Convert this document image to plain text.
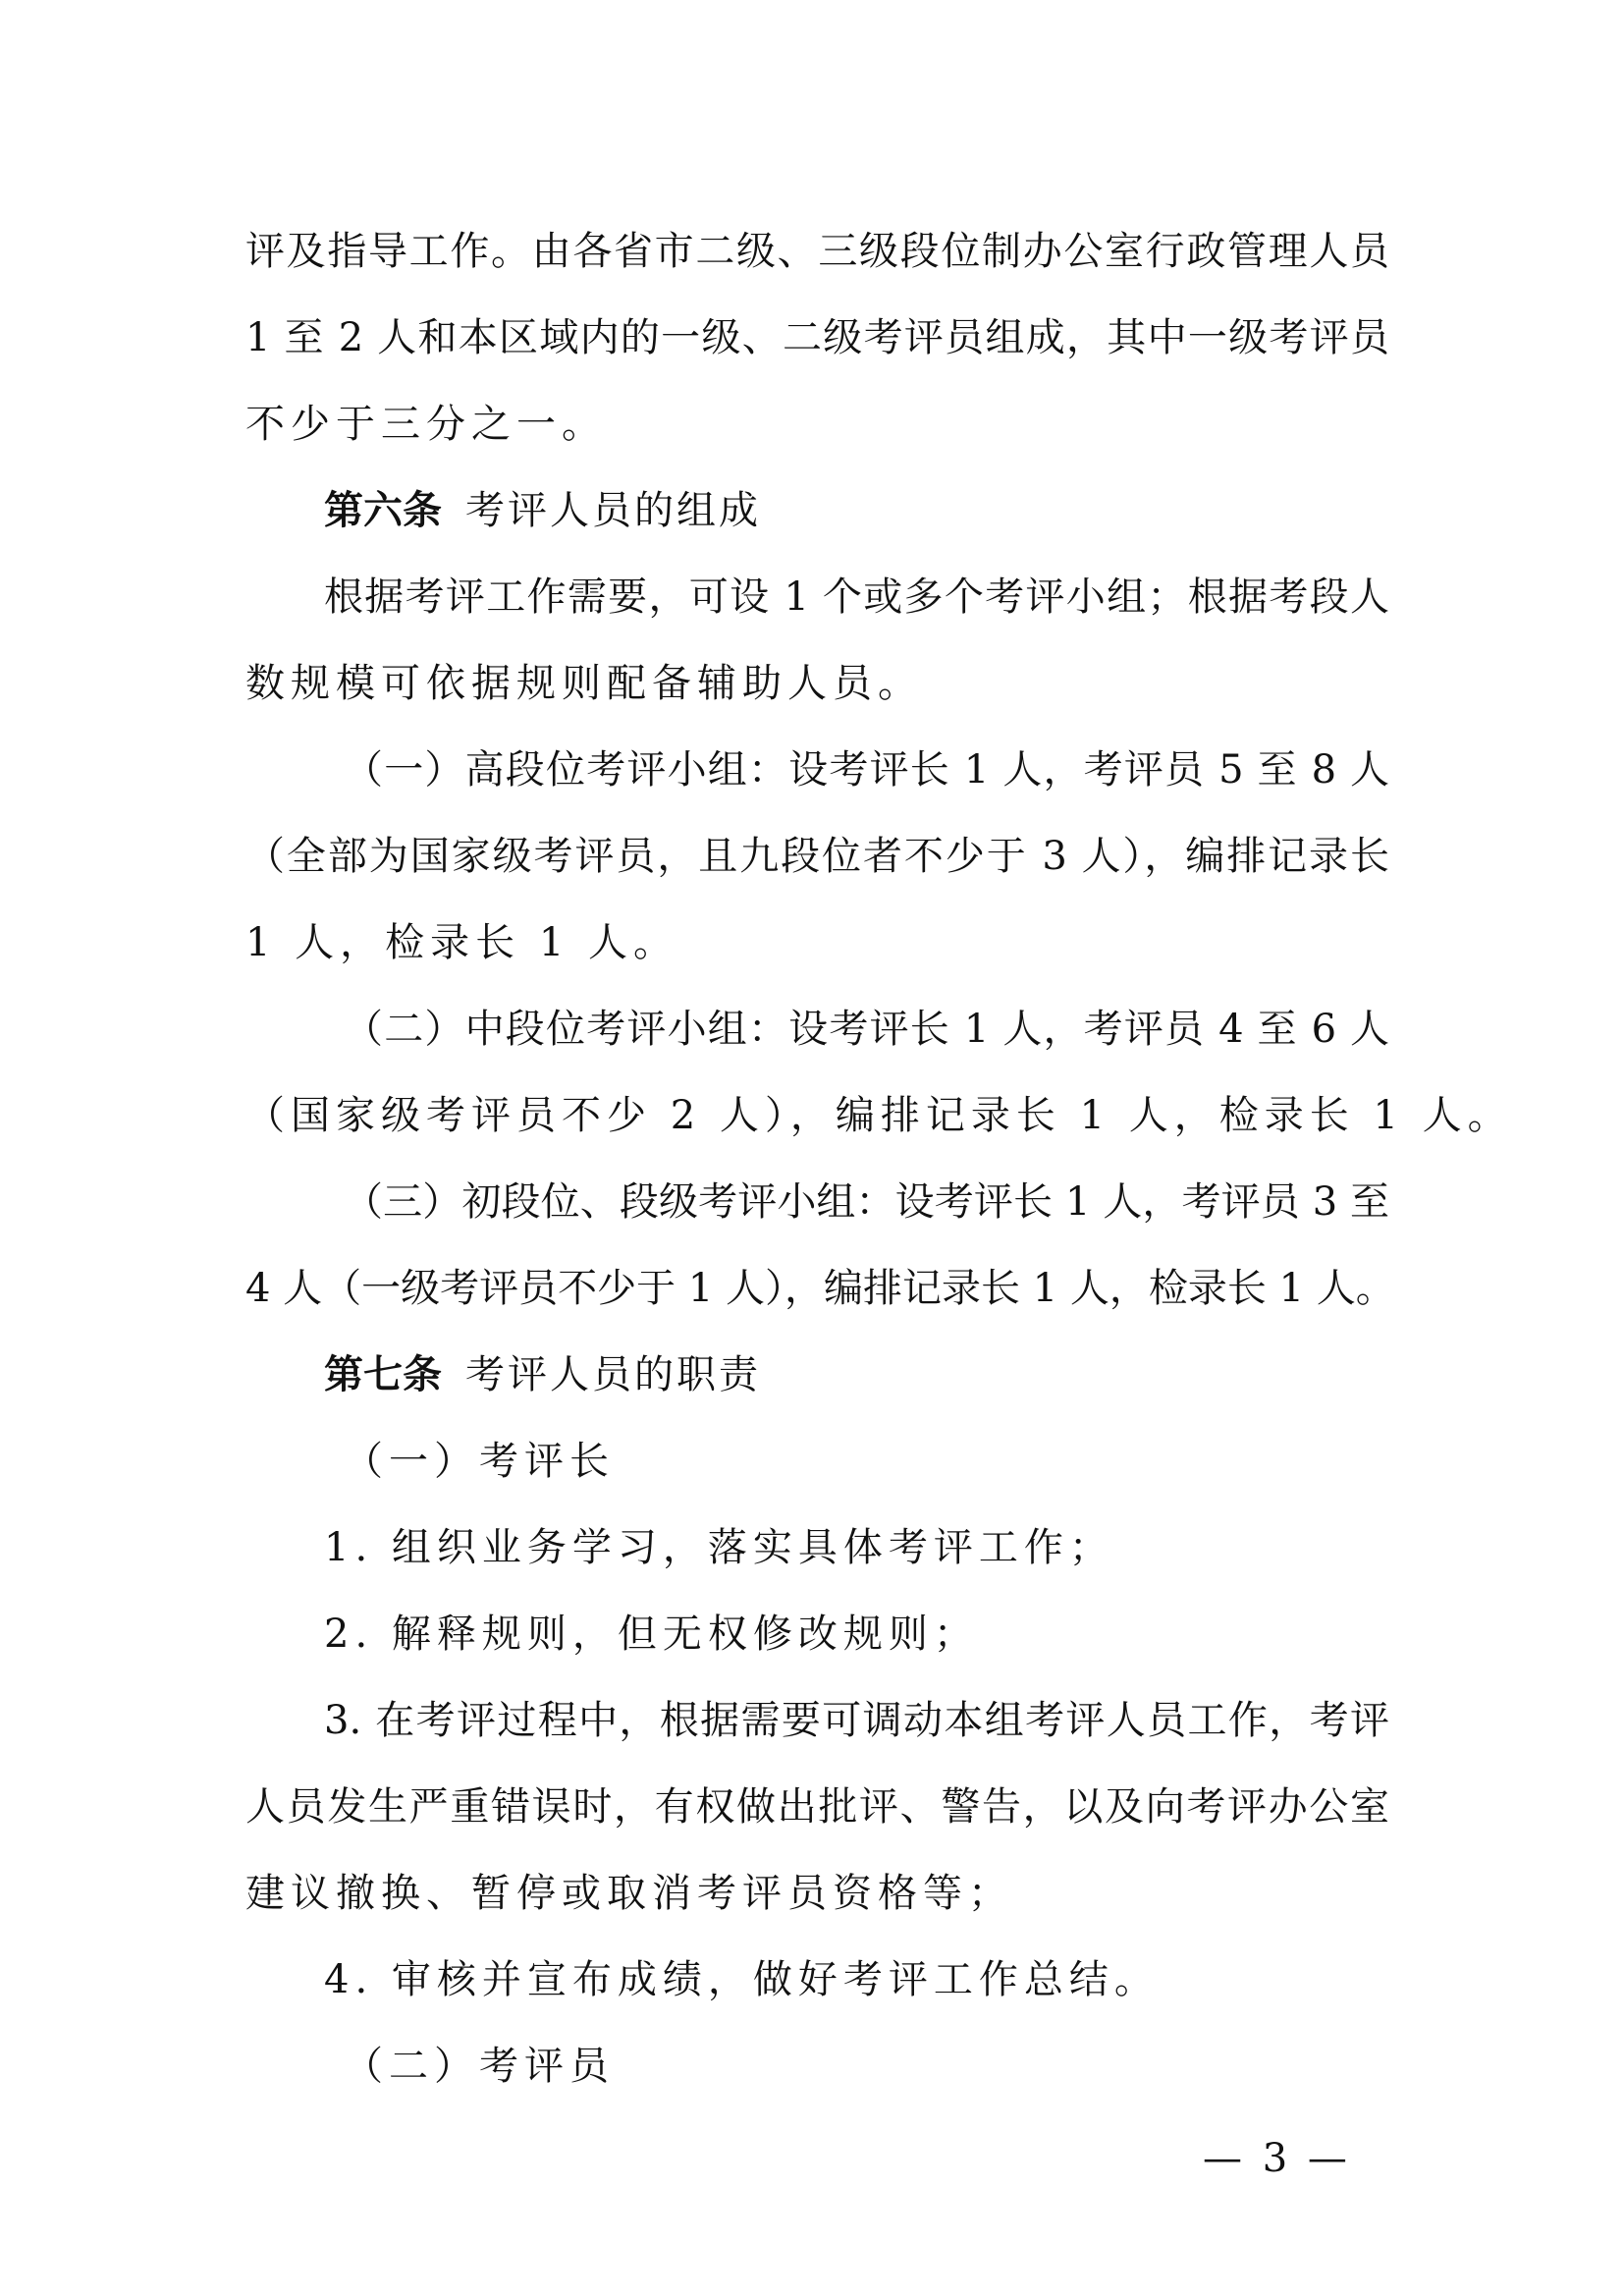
评及指导工作。由各省市二级、三级段位制办公室行政管理人员
1 至 2 人和本区域内的一级、二级考评员组成，其中一级考评员
不少于三分之一。
第六条 考评人员的组成
根据考评工作需要，可设 1 个或多个考评小组；根据考段人
数规模可依据规则配备辅助人员。
（一）高段位考评小组：设考评长 1 人，考评员 5 至 8 人
（全部为国家级考评员，且九段位者不少于 3 人），编排记录长
1 人，检录长 1 人。
（二）中段位考评小组：设考评长 1 人，考评员 4 至 6 人
（国家级考评员不少 2 人），编排记录长 1 人，检录长 1 人。
（三）初段位、段级考评小组：设考评长 1 人，考评员 3 至
4 人（一级考评员不少于 1 人），编排记录长 1 人，检录长 1 人。
第七条 考评人员的职责
（一）考评长
1. 组织业务学习，落实具体考评工作；
2. 解释规则，但无权修改规则；
3. 在考评过程中，根据需要可调动本组考评人员工作，考评
人员发生严重错误时，有权做出批评、警告，以及向考评办公室
建议撤换、暂停或取消考评员资格等；
4. 审核并宣布成绩，做好考评工作总结。
（二）考评员
— 3 —
